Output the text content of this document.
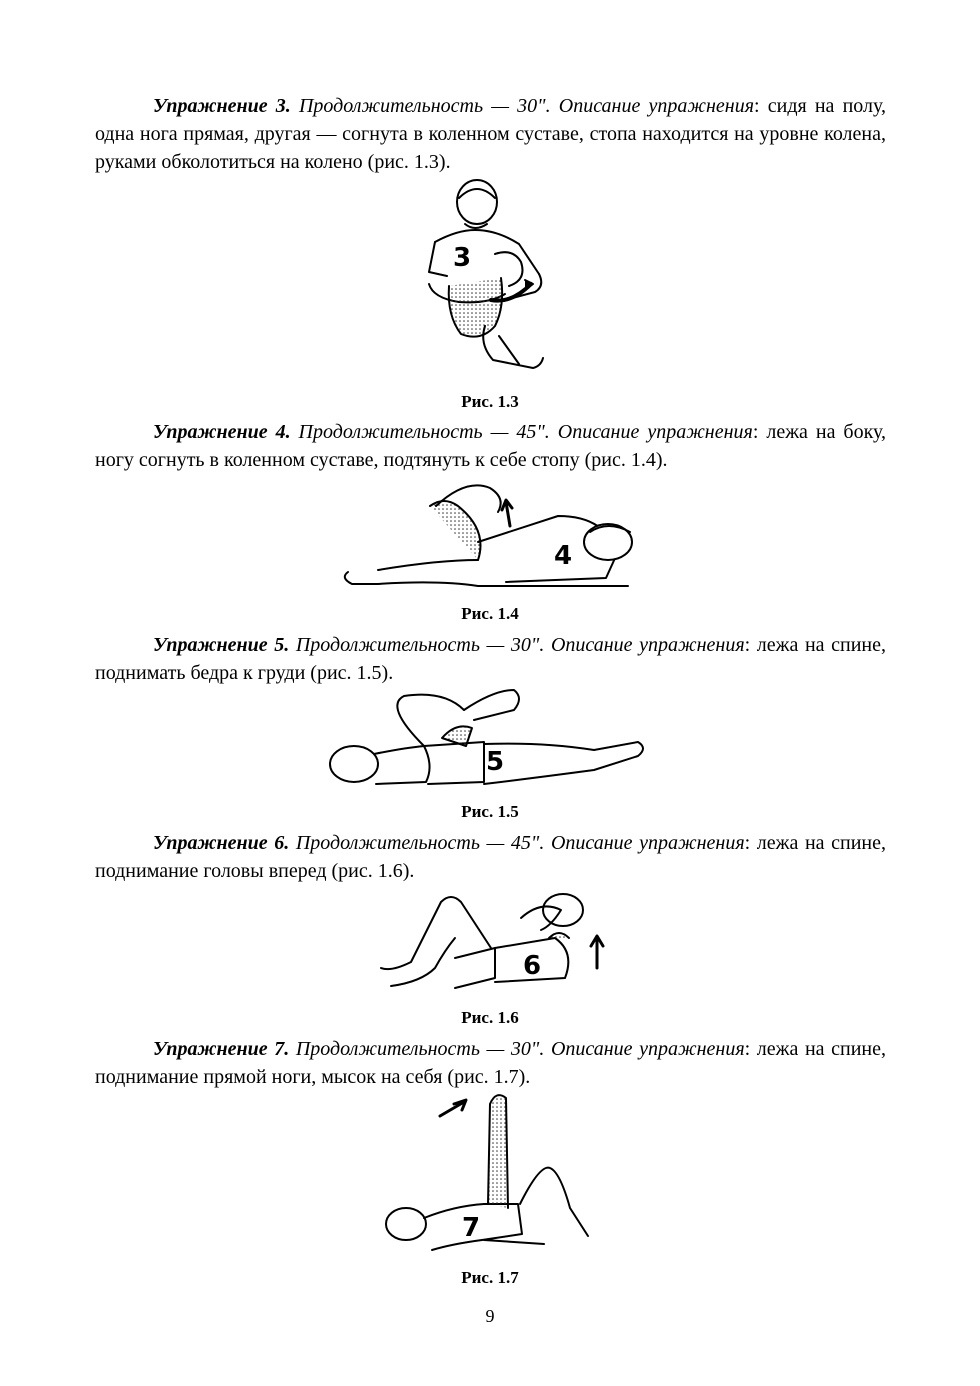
Упражнение 3. Продолжительность — 30". Описание упражнения: сидя на полу, одна нога прямая, другая — согнута в коленном суставе, стопа находится на уровне колена, руками обколотиться на колено (рис. 1.3).

3
Рис. 1.3

Упражнение 4. Продолжительность — 45". Описание упражнения: лежа на боку, ногу согнуть в коленном суставе, подтянуть к себе стопу (рис. 1.4).

4
Рис. 1.4

Упражнение 5. Продолжительность — 30". Описание упражнения: лежа на спине, поднимать бедра к груди (рис. 1.5).

5
Рис. 1.5

Упражнение 6. Продолжительность — 45". Описание упражнения: лежа на спине, поднимание головы вперед (рис. 1.6).

6
Рис. 1.6

Упражнение 7. Продолжительность — 30". Описание упражнения: лежа на спине, поднимание прямой ноги, мысок на себя (рис. 1.7).

7
Рис. 1.7
9
